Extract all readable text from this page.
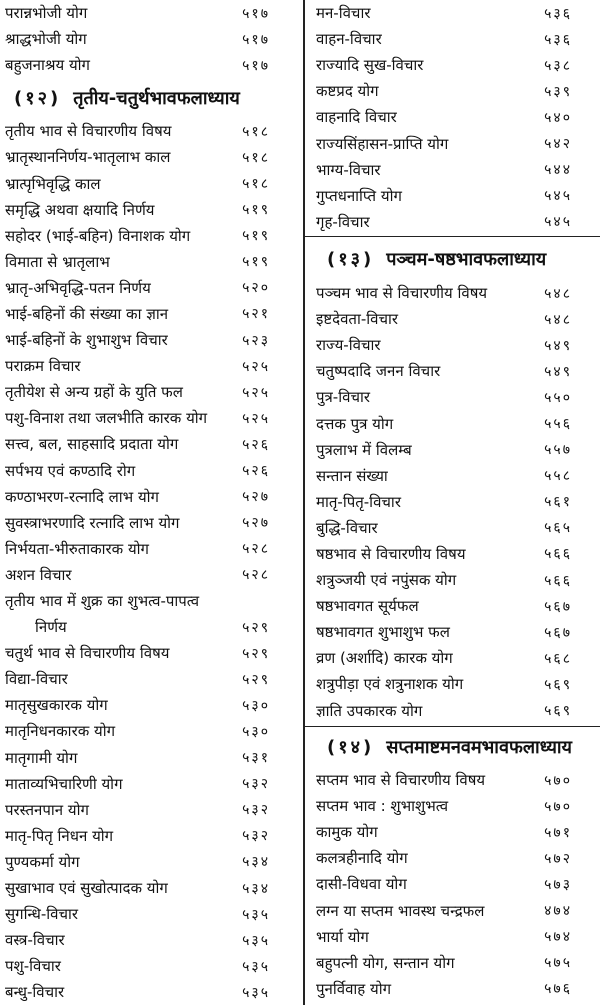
परान्नभोजी योग	५१७
श्राद्धभोजी योग	५१७
बहुजनाश्रय योग	५१७
(१२) तृतीय-चतुर्थभावफलाध्याय
तृतीय भाव से विचारणीय विषय	५१८
भ्रातृस्थाननिर्णय-भातृलाभ काल	५१८
भ्रात्पृभिवृद्धि काल	५१८
समृद्धि अथवा क्षयादि निर्णय	५१९
सहोदर (भाई-बहिन) विनाशक योग	५१९
विमाता से भ्रातृलाभ	५१९
भ्रातृ-अभिवृद्धि-पतन निर्णय	५२०
भाई-बहिनों की संख्या का ज्ञान	५२१
भाई-बहिनों के शुभाशुभ विचार	५२३
पराक्रम विचार	५२५
तृतीयेश से अन्य ग्रहों के युति फल	५२५
पशु-विनाश तथा जलभीति कारक योग	५२५
सत्त्व, बल, साहसादि प्रदाता योग	५२६
सर्पभय एवं कण्ठादि रोग	५२६
कण्ठाभरण-रत्नादि लाभ योग	५२७
सुवस्त्राभरणादि रत्नादि लाभ योग	५२७
निर्भयता-भीरुताकारक योग	५२८
अशन विचार	५२८
तृतीय भाव में शुक्र का शुभत्व-पापत्व
निर्णय	५२९
चतुर्थ भाव से विचारणीय विषय	५२९
विद्या-विचार	५२९
मातृसुखकारक योग	५३०
मातृनिधनकारक योग	५३०
मातृगामी योग	५३१
माताव्यभिचारिणी योग	५३२
परस्तनपान योग	५३२
मातृ-पितृ निधन योग	५३२
पुण्यकर्मा योग	५३४
सुखाभाव एवं सुखोत्पादक योग	५३४
सुगन्धि-विचार	५३५
वस्त्र-विचार	५३५
पशु-विचार	५३५
बन्धु-विचार	५३५
मन-विचार	५३६
वाहन-विचार	५३६
राज्यादि सुख-विचार	५३८
कष्टप्रद योग	५३९
वाहनादि विचार	५४०
राज्यसिंहासन-प्राप्ति योग	५४२
भाग्य-विचार	५४४
गुप्तधनाप्ति योग	५४५
गृह-विचार	५४५
(१३) पञ्चम-षष्ठभावफलाध्याय
पञ्चम भाव से विचारणीय विषय	५४८
इष्टदेवता-विचार	५४८
राज्य-विचार	५४९
चतुष्पदादि जनन विचार	५४९
पुत्र-विचार	५५०
दत्तक पुत्र योग	५५६
पुत्रलाभ में विलम्ब	५५७
सन्तान संख्या	५५८
मातृ-पितृ-विचार	५६१
बुद्धि-विचार	५६५
षष्ठभाव से विचारणीय विषय	५६६
शत्रुञ्जयी एवं नपुंसक योग	५६६
षष्ठभावगत सूर्यफल	५६७
षष्ठभावगत शुभाशुभ फल	५६७
व्रण (अर्शादि) कारक योग	५६८
शत्रुपीड़ा एवं शत्रुनाशक योग	५६९
ज्ञाति उपकारक योग	५६९
(१४) सप्तमाष्टमनवमभावफलाध्याय
सप्तम भाव से विचारणीय विषय	५७०
सप्तम भाव : शुभाशुभत्व	५७०
कामुक योग	५७१
कलत्रहीनादि योग	५७२
दासी-विधवा योग	५७३
लग्न या सप्तम भावस्थ चन्द्रफल	४७४
भार्या योग	५७४
बहुपत्नी योग, सन्तान योग	५७५
पुनर्विवाह योग	५७६
